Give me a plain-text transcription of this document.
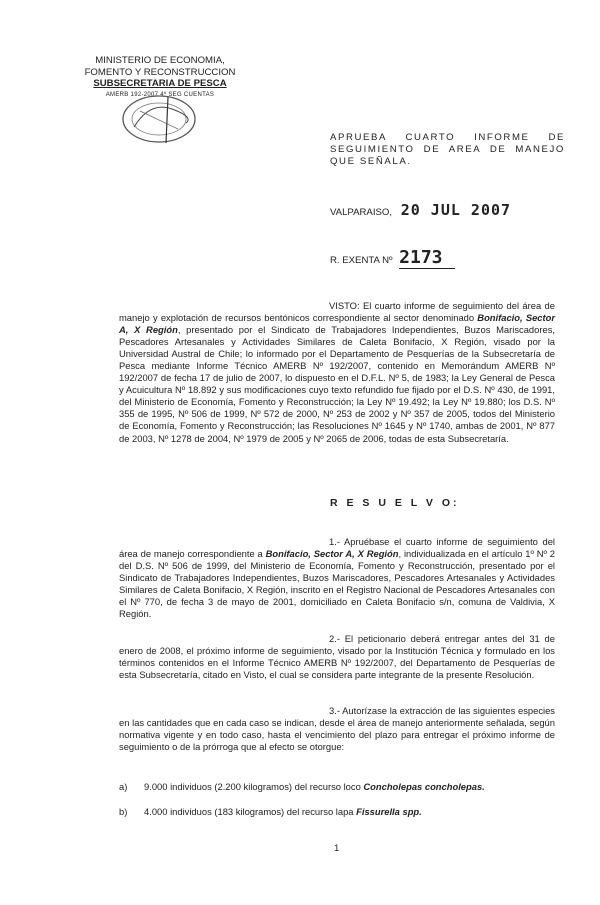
MINISTERIO DE ECONOMIA,
FOMENTO Y RECONSTRUCCION
SUBSECRETARIA DE PESCA
AMERB 192-2007 4º SEG CUENTAS
APRUEBA CUARTO INFORME DE SEGUIMIENTO DE AREA DE MANEJO QUE SEÑALA.
VALPARAISO, 20 JUL 2007
R. EXENTA Nº 2173
VISTO: El cuarto informe de seguimiento del área de manejo y explotación de recursos bentónicos correspondiente al sector denominado Bonifacio, Sector A, X Región, presentado por el Sindicato de Trabajadores Independientes, Buzos Mariscadores, Pescadores Artesanales y Actividades Similares de Caleta Bonifacio, X Región, visado por la Universidad Austral de Chile; lo informado por el Departamento de Pesquerías de la Subsecretaría de Pesca mediante Informe Técnico AMERB Nº 192/2007, contenido en Memorándum AMERB Nº 192/2007 de fecha 17 de julio de 2007, lo dispuesto en el D.F.L. Nº 5, de 1983; la Ley General de Pesca y Acuicultura Nº 18.892 y sus modificaciones cuyo texto refundido fue fijado por el D.S. Nº 430, de 1991, del Ministerio de Economía, Fomento y Reconstrucción; la Ley Nº 19.492; la Ley Nº 19.880; los D.S. Nº 355 de 1995, Nº 506 de 1999, Nº 572 de 2000, Nº 253 de 2002 y Nº 357 de 2005, todos del Ministerio de Economía, Fomento y Reconstrucción; las Resoluciones Nº 1645 y Nº 1740, ambas de 2001, Nº 877 de 2003, Nº 1278 de 2004, Nº 1979 de 2005 y Nº 2065 de 2006, todas de esta Subsecretaría.
R E S U E L V O:
1.- Apruébase el cuarto informe de seguimiento del área de manejo correspondiente a Bonifacio, Sector A, X Región, individualizada en el artículo 1º Nº 2 del D.S. Nº 506 de 1999, del Ministerio de Economía, Fomento y Reconstrucción, presentado por el Sindicato de Trabajadores Independientes, Buzos Mariscadores, Pescadores Artesanales y Actividades Similares de Caleta Bonifacio, X Región, inscrito en el Registro Nacional de Pescadores Artesanales con el Nº 770, de fecha 3 de mayo de 2001, domiciliado en Caleta Bonifacio s/n, comuna de Valdivia, X Región.
2.- El peticionario deberá entregar antes del 31 de enero de 2008, el próximo informe de seguimiento, visado por la Institución Técnica y formulado en los términos contenidos en el Informe Técnico AMERB Nº 192/2007, del Departamento de Pesquerías de esta Subsecretaría, citado en Visto, el cual se considera parte integrante de la presente Resolución.
3.- Autorízase la extracción de las siguientes especies en las cantidades que en cada caso se indican, desde el área de manejo anteriormente señalada, según normativa vigente y en todo caso, hasta el vencimiento del plazo para entregar el próximo informe de seguimiento o de la prórroga que al efecto se otorgue:
a) 9.000 individuos (2.200 kilogramos) del recurso loco Concholepas concholepas.
b) 4.000 individuos (183 kilogramos) del recurso lapa Fissurella spp.
1
